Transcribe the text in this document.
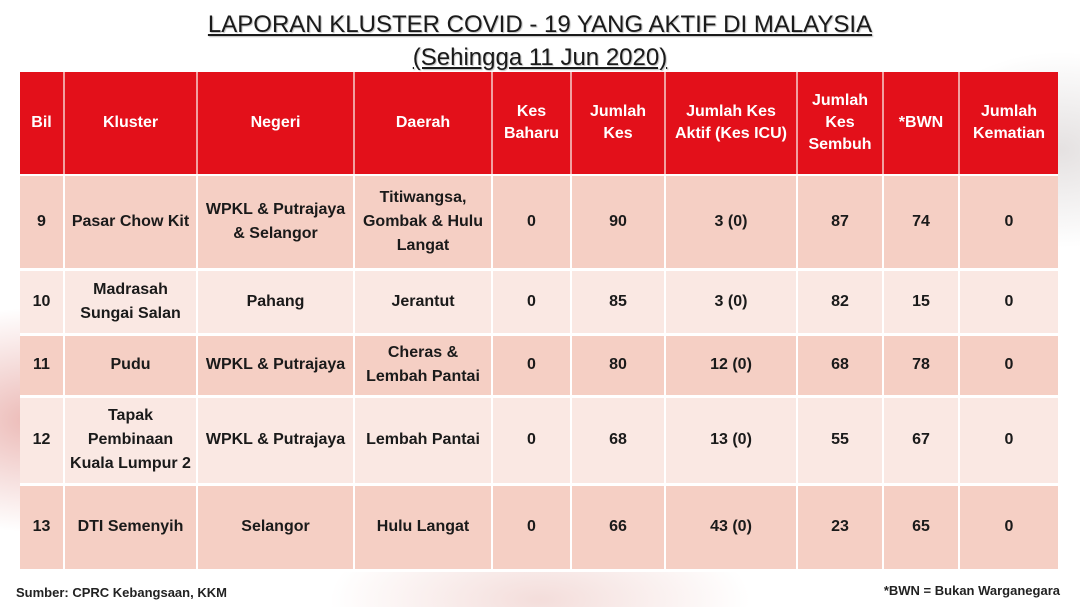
LAPORAN KLUSTER COVID - 19 YANG AKTIF DI MALAYSIA
(Sehingga 11 Jun 2020)
Bil	Kluster	Negeri	Daerah	Kes Baharu	Jumlah Kes	Jumlah Kes Aktif (Kes ICU)	Jumlah Kes Sembuh	*BWN	Jumlah Kematian
9	Pasar Chow Kit	WPKL & Putrajaya & Selangor	Titiwangsa, Gombak & Hulu Langat	0	90	3 (0)	87	74	0
10	Madrasah Sungai Salan	Pahang	Jerantut	0	85	3 (0)	82	15	0
11	Pudu	WPKL & Putrajaya	Cheras & Lembah Pantai	0	80	12 (0)	68	78	0
12	Tapak Pembinaan Kuala Lumpur 2	WPKL & Putrajaya	Lembah Pantai	0	68	13 (0)	55	67	0
13	DTI Semenyih	Selangor	Hulu Langat	0	66	43 (0)	23	65	0
Sumber: CPRC Kebangsaan, KKM	*BWN = Bukan Warganegara
